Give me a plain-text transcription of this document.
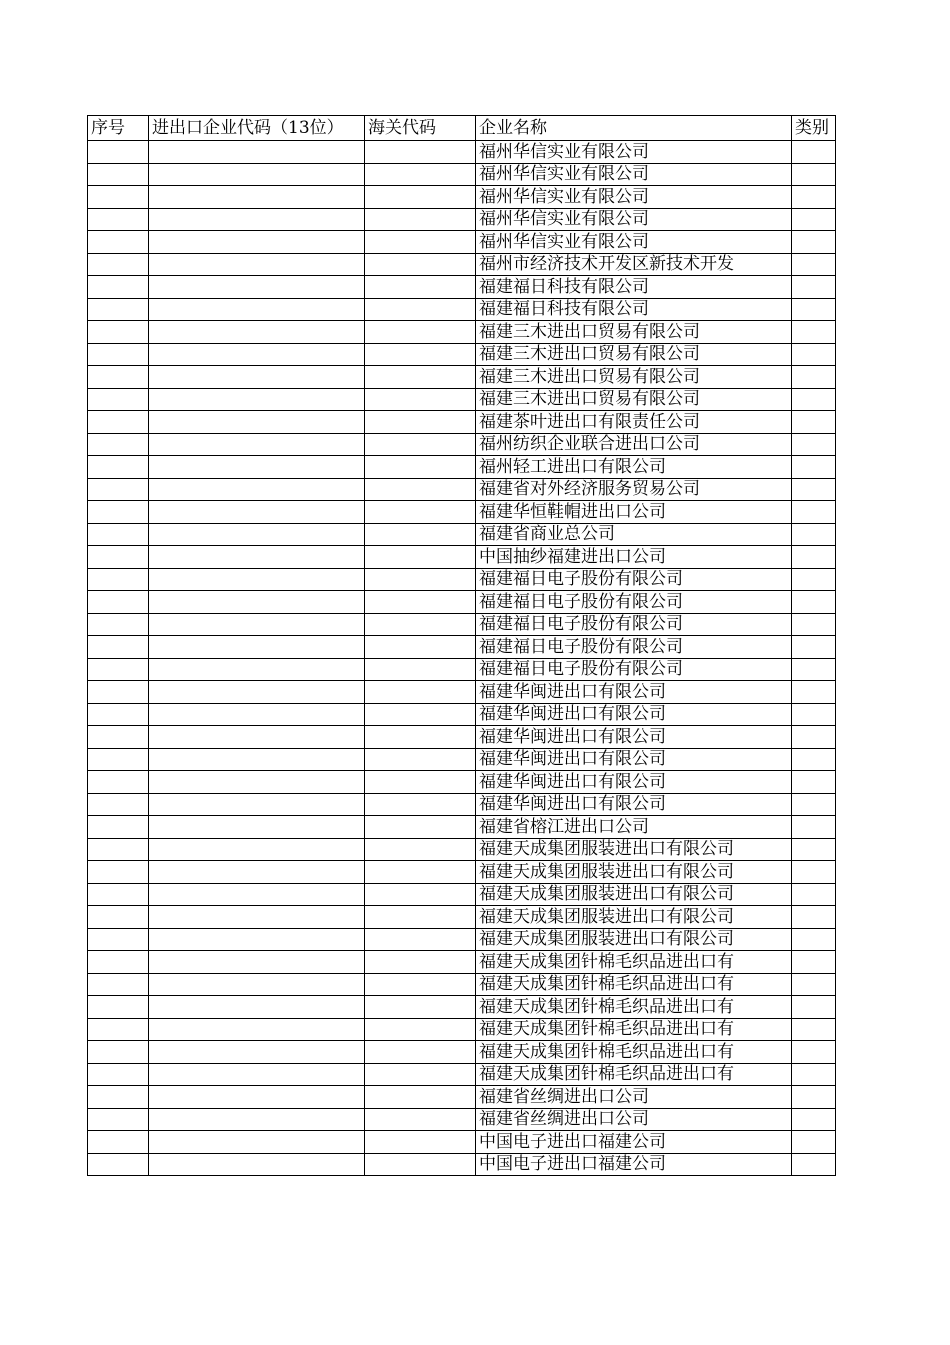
序号	进出口企业代码（13位）	海关代码	企业名称	类别
			福州华信实业有限公司	
			福州华信实业有限公司	
			福州华信实业有限公司	
			福州华信实业有限公司	
			福州华信实业有限公司	
			福州市经济技术开发区新技术开发	
			福建福日科技有限公司	
			福建福日科技有限公司	
			福建三木进出口贸易有限公司	
			福建三木进出口贸易有限公司	
			福建三木进出口贸易有限公司	
			福建三木进出口贸易有限公司	
			福建茶叶进出口有限责任公司	
			福州纺织企业联合进出口公司	
			福州轻工进出口有限公司	
			福建省对外经济服务贸易公司	
			福建华恒鞋帽进出口公司	
			福建省商业总公司	
			中国抽纱福建进出口公司	
			福建福日电子股份有限公司	
			福建福日电子股份有限公司	
			福建福日电子股份有限公司	
			福建福日电子股份有限公司	
			福建福日电子股份有限公司	
			福建华闽进出口有限公司	
			福建华闽进出口有限公司	
			福建华闽进出口有限公司	
			福建华闽进出口有限公司	
			福建华闽进出口有限公司	
			福建华闽进出口有限公司	
			福建省榕江进出口公司	
			福建天成集团服装进出口有限公司	
			福建天成集团服装进出口有限公司	
			福建天成集团服装进出口有限公司	
			福建天成集团服装进出口有限公司	
			福建天成集团服装进出口有限公司	
			福建天成集团针棉毛织品进出口有	
			福建天成集团针棉毛织品进出口有	
			福建天成集团针棉毛织品进出口有	
			福建天成集团针棉毛织品进出口有	
			福建天成集团针棉毛织品进出口有	
			福建天成集团针棉毛织品进出口有	
			福建省丝绸进出口公司	
			福建省丝绸进出口公司	
			中国电子进出口福建公司	
			中国电子进出口福建公司	
